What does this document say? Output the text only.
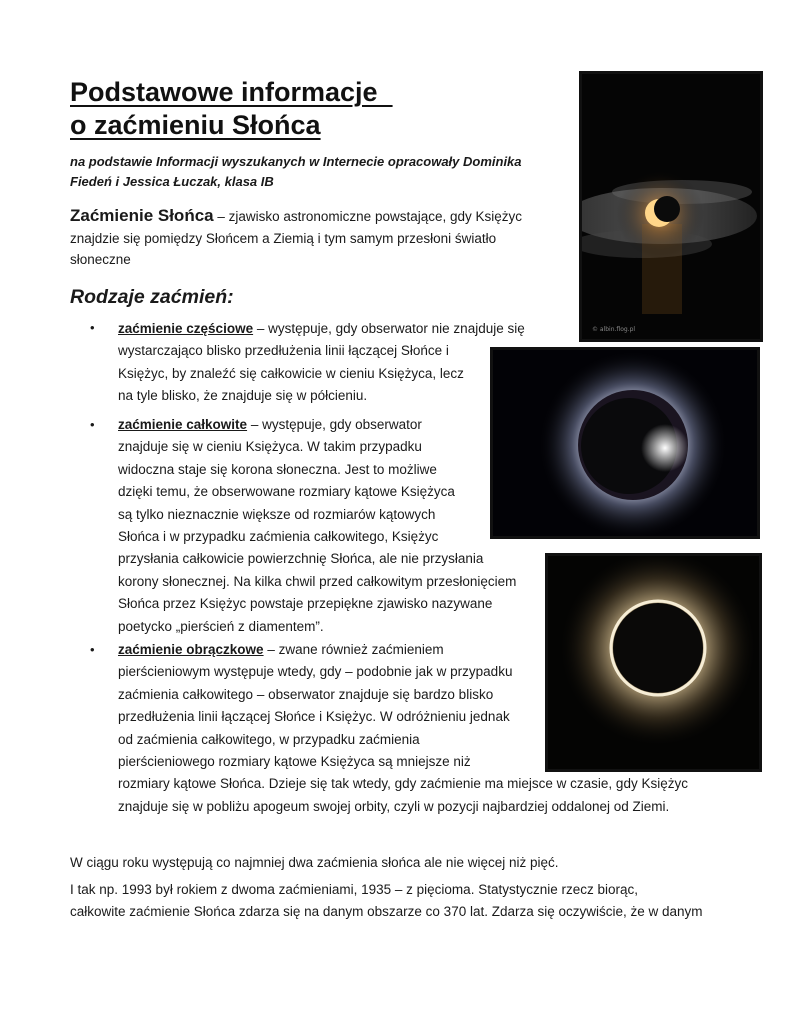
Podstawowe informacje
o zaćmieniu Słońca

na podstawie Informacji wyszukanych w Internecie opracowały Dominika Fiedeń i Jessica Łuczak, klasa IB

Zaćmienie Słońca – zjawisko astronomiczne powstające, gdy Księżyc znajdzie się pomiędzy Słońcem a Ziemią i tym samym przesłoni światło słoneczne

Rodzaje zaćmień:
• zaćmienie częściowe – występuje, gdy obserwator nie znajduje się
wystarczająco blisko przedłużenia linii łączącej Słońce i
Księżyc, by znaleźć się całkowicie w cieniu Księżyca, lecz
na tyle blisko, że znajduje się w półcieniu.

• zaćmienie całkowite – występuje, gdy obserwator
znajduje się w cieniu Księżyca. W takim przypadku
widoczna staje się korona słoneczna. Jest to możliwe
dzięki temu, że obserwowane rozmiary kątowe Księżyca
są tylko nieznacznie większe od rozmiarów kątowych
Słońca i w przypadku zaćmienia całkowitego, Księżyc
przysłania całkowicie powierzchnię Słońca, ale nie przysłania
korony słonecznej. Na kilka chwil przed całkowitym przesłonięciem
Słońca przez Księżyc powstaje przepiękne zjawisko nazywane
poetycko „pierścień z diamentem”.

• zaćmienie obrączkowe – zwane również zaćmieniem
pierścieniowym występuje wtedy, gdy – podobnie jak w przypadku
zaćmienia całkowitego – obserwator znajduje się bardzo blisko
przedłużenia linii łączącej Słońce i Księżyc. W odróżnieniu jednak
od zaćmienia całkowitego, w przypadku zaćmienia
pierścieniowego rozmiary kątowe Księżyca są mniejsze niż
rozmiary kątowe Słońca. Dzieje się tak wtedy, gdy zaćmienie ma miejsce w czasie, gdy Księżyc
znajduje się w pobliżu apogeum swojej orbity, czyli w pozycji najbardziej oddalonej od Ziemi.

W ciągu roku występują co najmniej dwa zaćmienia słońca ale nie więcej niż pięć.

I tak np. 1993 był rokiem z dwoma zaćmieniami, 1935 – z pięcioma. Statystycznie rzecz biorąc,
całkowite zaćmienie Słońca zdarza się na danym obszarze co 370 lat. Zdarza się oczywiście, że w danym

© albin.flog.pl
